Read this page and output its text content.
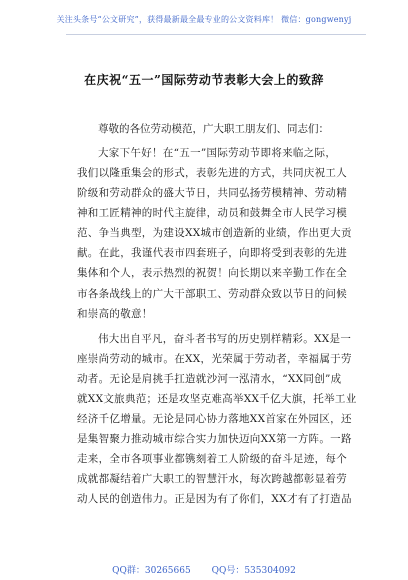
关注头条号“公文研究”，获得最新最全最专业的公文资料库！ 微信：gongwenyj
在庆祝“五一”国际劳动节表彰大会上的致辞
尊敬的各位劳动模范，广大职工朋友们、同志们：
大家下午好！在“五一”国际劳动节即将来临之际，
我们以隆重集会的形式，表彰先进的方式，共同庆祝工人
阶级和劳动群众的盛大节日，共同弘扬劳模精神、劳动精
神和工匠精神的时代主旋律，动员和鼓舞全市人民学习模
范、争当典型，为建设XX城市创造新的业绩，作出更大贡
献。在此，我谨代表市四套班子，向即将受到表彰的先进
集体和个人，表示热烈的祝贺！向长期以来辛勤工作在全
市各条战线上的广大干部职工、劳动群众致以节日的问候
和崇高的敬意！
伟大出自平凡，奋斗者书写的历史别样精彩。XX是一
座崇尚劳动的城市。在XX，光荣属于劳动者，幸福属于劳
动者。无论是肩挑手扛造就沙河一泓清水，“XX同创”成
就XX文旅典范；还是攻坚克难高举XX千亿大旗，托举工业
经济千亿增量。无论是同心协力落地XX首家在外园区，还
是集智聚力推动城市综合实力加快迈向XX第一方阵。一路
走来，全市各项事业都镌刻着工人阶级的奋斗足迹，每个
成就都凝结着广大职工的智慧汗水，每次跨越都彰显着劳
动人民的创造伟力。正是因为有了你们，XX才有了打造品
QQ群：30265665 QQ号：535304092
